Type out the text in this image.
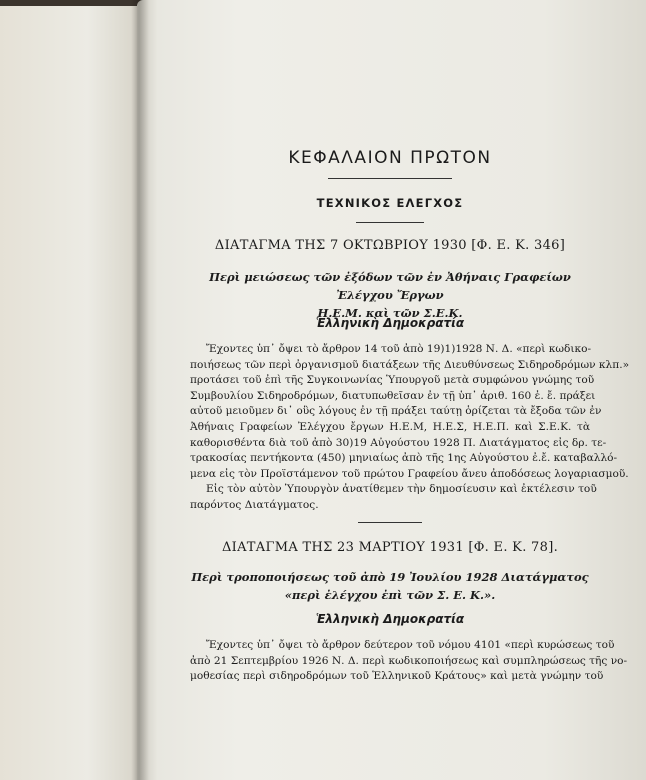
ΚΕΦΑΛΑΙΟΝ ΠΡΩΤΟΝ
ΤΕΧΝΙΚΟΣ ΕΛΕΓΧΟΣ
ΔΙΑΤΑΓΜΑ ΤΗΣ 7 ΟΚΤΩΒΡΙΟΥ 1930 [Φ. Ε. Κ. 346]
Περὶ μειώσεως τῶν ἐξόδων τῶν ἐν Ἀθήναις Γραφείων Ἐλέγχου Ἔργων
Η.Ε.Μ. καὶ τῶν Σ.Ε.Κ.
Ἑλληνικὴ Δημοκρατία
Ἔχοντες ὑπ᾿ ὄψει τὸ ἄρθρον 14 τοῦ ἀπὸ 19)1)1928 Ν. Δ. «περὶ κωδικο-
ποιήσεως τῶν περὶ ὀργανισμοῦ διατάξεων τῆς Διευθύνσεως Σιδηροδρόμων κλπ.»
προτάσει τοῦ ἐπὶ τῆς Συγκοινωνίας Ὑπουργοῦ μετὰ συμφώνου γνώμης τοῦ
Συμβουλίου Σιδηροδρόμων, διατυπωθεῖσαν ἐν τῇ ὑπ᾿ ἀριθ. 160 ἐ. ἔ. πράξει
αὐτοῦ μειοῦμεν δι᾿ οὓς λόγους ἐν τῇ πράξει ταύτῃ ὁρίζεται τὰ ἔξοδα τῶν ἐν
Ἀθήναις Γραφείων Ἐλέγχου ἔργων Η.Ε.Μ, Η.Ε.Σ, Η.Ε.Π. καὶ Σ.Ε.Κ. τὰ
καθορισθέντα διὰ τοῦ ἀπὸ 30)19 Αὐγούστου 1928 Π. Διατάγματος εἰς δρ. τε-
τρακοσίας πεντήκοντα (450) μηνιαίως ἀπὸ τῆς 1ης Αὐγούστου ἐ.ἔ. καταβαλλό-
μενα εἰς τὸν Προϊστάμενον τοῦ πρώτου Γραφείου ἄνευ ἀποδόσεως λογαριασμοῦ.
Εἰς τὸν αὐτὸν Ὑπουργὸν ἀνατίθεμεν τὴν δημοσίευσιν καὶ ἐκτέλεσιν τοῦ
παρόντος Διατάγματος.
ΔΙΑΤΑΓΜΑ ΤΗΣ 23 ΜΑΡΤΙΟΥ 1931 [Φ. Ε. Κ. 78].
Περὶ τροποποιήσεως τοῦ ἀπὸ 19 Ἰουλίου 1928 Διατάγματος
«περὶ ἐλέγχου ἐπὶ τῶν Σ. Ε. Κ.».
Ἑλληνικὴ Δημοκρατία
Ἔχοντες ὑπ᾿ ὄψει τὸ ἄρθρον δεύτερον τοῦ νόμου 4101 «περὶ κυρώσεως τοῦ
ἀπὸ 21 Σεπτεμβρίου 1926 Ν. Δ. περὶ κωδικοποιήσεως καὶ συμπληρώσεως τῆς νο-
μοθεσίας περὶ σιδηροδρόμων τοῦ Ἑλληνικοῦ Κράτους» καὶ μετὰ γνώμην τοῦ
